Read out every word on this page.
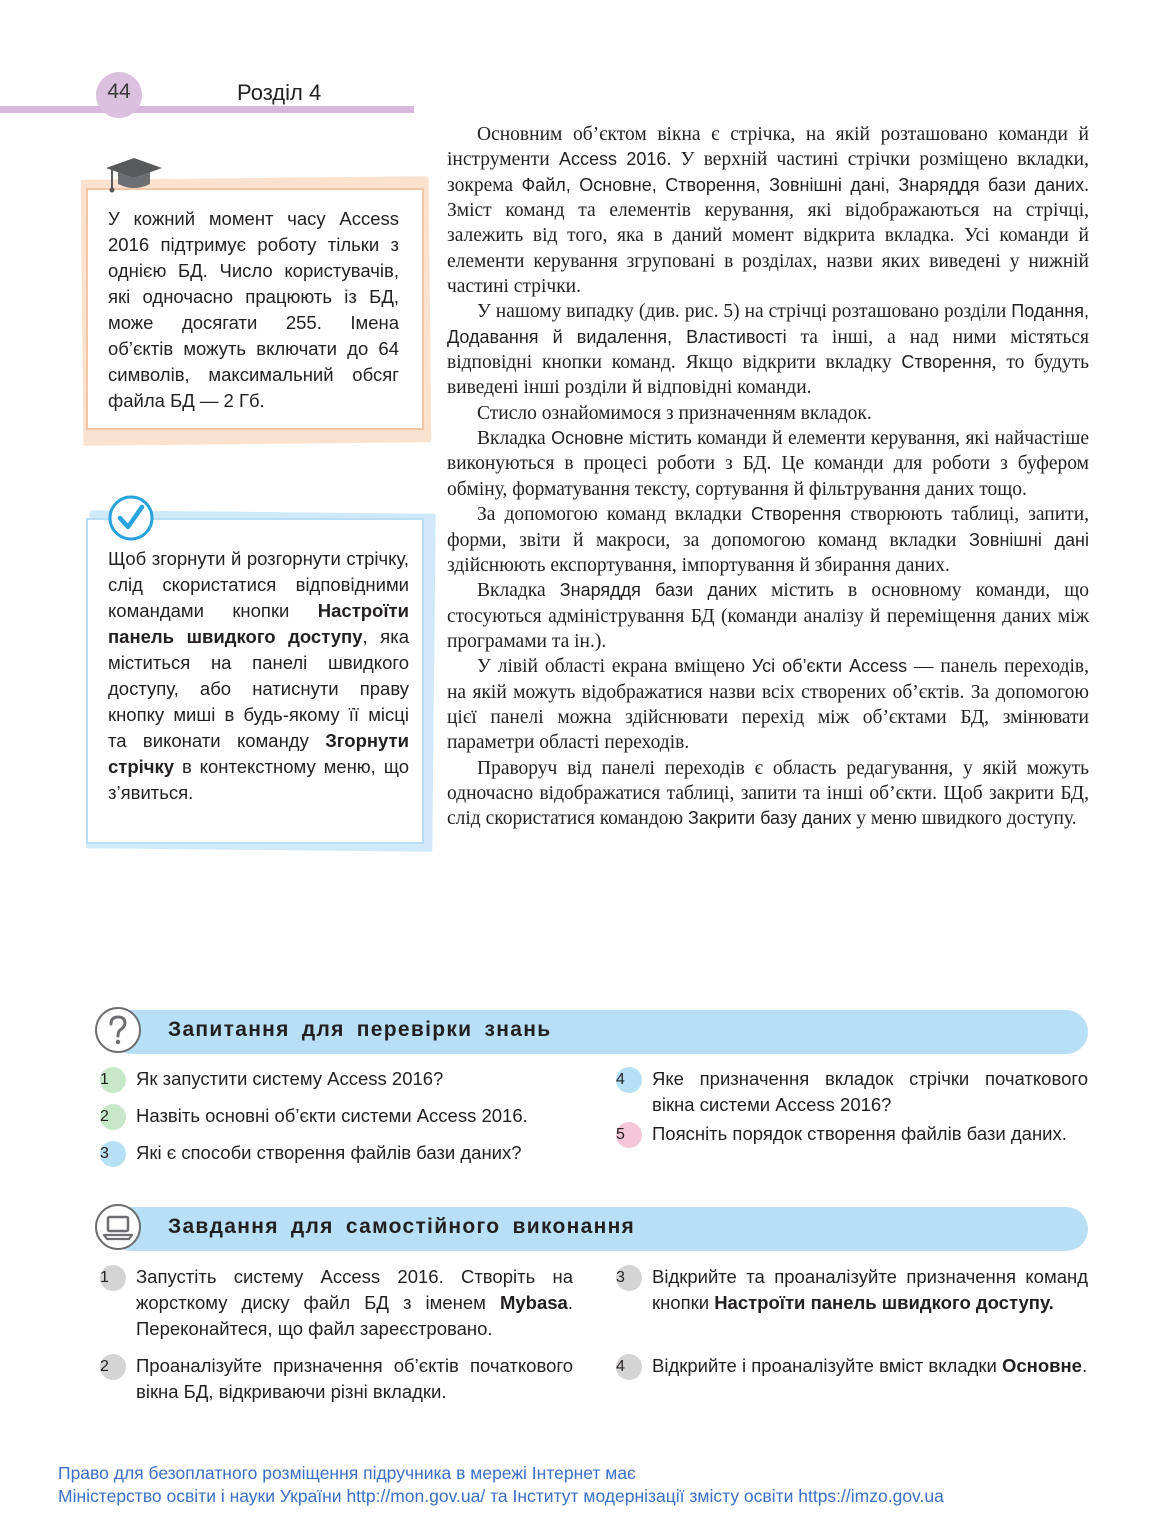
44	Розділ 4
У кожний момент часу Access 2016 підтримує роботу тільки з однією БД. Число користувачів, які одночасно працюють із БД, може досягати 255. Імена об’єктів можуть включати до 64 символів, максимальний обсяг файла БД — 2 Гб.
Щоб згорнути й розгорнути стрічку, слід скористатися відповідними командами кнопки Настроїти панель швидкого доступу, яка міститься на панелі швидкого доступу, або натиснути праву кнопку миші в будь-якому її місці та виконати команду Згорнути стрічку в контекстному меню, що з’явиться.

Основним об’єктом вікна є стрічка, на якій розташовано команди й інструменти Access 2016. У верхній частині стрічки розміщено вкладки, зокрема Файл, Основне, Створення, Зовнішні дані, Знаряддя бази даних. Зміст команд та елементів керування, які відображаються на стрічці, залежить від того, яка в даний момент відкрита вкладка. Усі команди й елементи керування згруповані в розділах, назви яких виведені у нижній частині стрічки.

У нашому випадку (див. рис. 5) на стрічці розташовано розділи Подання, Додавання й видалення, Властивості та інші, а над ними містяться відповідні кнопки команд. Якщо відкрити вкладку Створення, то будуть виведені інші розділи й відповідні команди.

Стисло ознайомимося з призначенням вкладок.

Вкладка Основне містить команди й елементи керування, які найчастіше виконуються в процесі роботи з БД. Це команди для роботи з буфером обміну, форматування тексту, сортування й фільтрування даних тощо.

За допомогою команд вкладки Створення створюють таблиці, запити, форми, звіти й макроси, за допомогою команд вкладки Зовнішні дані здійснюють експортування, імпортування й збирання даних.

Вкладка Знаряддя бази даних містить в основному команди, що стосуються адміністрування БД (команди аналізу й переміщення даних між програмами та ін.).

У лівій області екрана вміщено Усі об’єкти Access — панель переходів, на якій можуть відображатися назви всіх створених об’єктів. За допомогою цієї панелі можна здійснювати перехід між об’єктами БД, змінювати параметри області переходів.

Праворуч від панелі переходів є область редагування, у якій можуть одночасно відображатися таблиці, запити та інші об’єкти. Щоб закрити БД, слід скористатися командою Закрити базу даних у меню швидкого доступу.

Запитання для перевірки знань
1	Як запустити систему Access 2016?
2	Назвіть основні об’єкти системи Access 2016.
3	Які є способи створення файлів бази даних?
4	Яке призначення вкладок стрічки початкового вікна системи Access 2016?
5	Поясніть порядок створення файлів бази даних.
Завдання для самостійного виконання
1	Запустіть систему Access 2016. Створіть на жорсткому диску файл БД з іменем Mybasa. Переконайтеся, що файл зареєстровано.
2	Проаналізуйте призначення об’єктів початкового вікна БД, відкриваючи різні вкладки.
3	Відкрийте та проаналізуйте призначення команд кнопки Настроїти панель швидкого доступу.
4	Відкрийте і проаналізуйте вміст вкладки Основне.
Право для безоплатного розміщення підручника в мережі Інтернет має
Міністерство освіти і науки України http://mon.gov.ua/ та Інститут модернізації змісту освіти https://imzo.gov.ua
